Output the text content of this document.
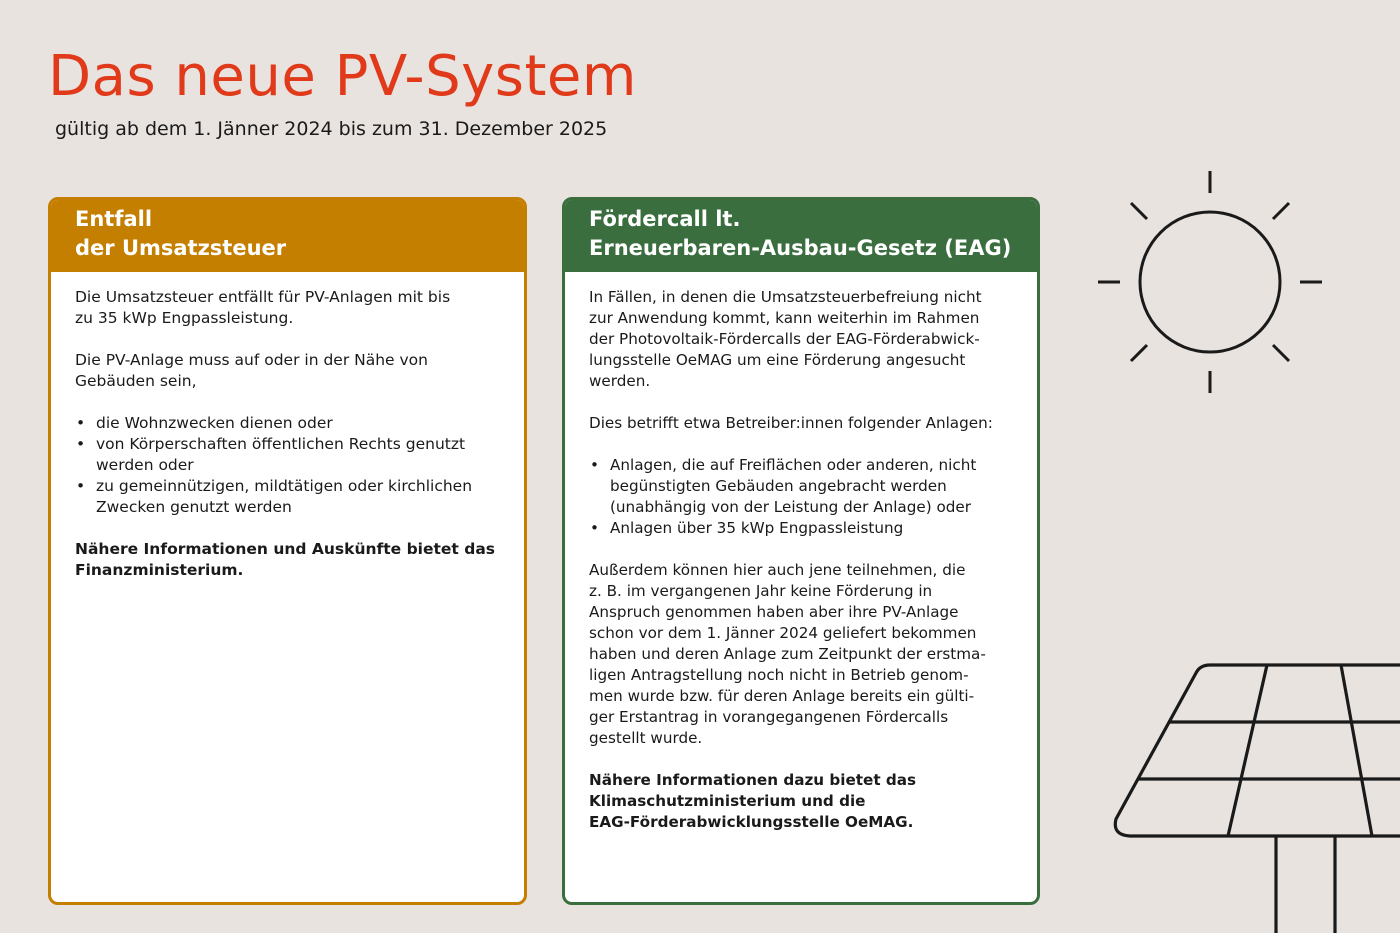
Das neue PV-System
gültig ab dem 1. Jänner 2024 bis zum 31. Dezember 2025
Entfall
der Umsatzsteuer

Die Umsatzsteuer entfällt für PV-Anlagen mit bis
zu 35 kWp Engpassleistung.

Die PV-Anlage muss auf oder in der Nähe von
Gebäuden sein,

• die Wohnzwecken dienen oder
• von Körperschaften öffentlichen Rechts genutzt
werden oder
• zu gemeinnützigen, mildtätigen oder kirchlichen
Zwecken genutzt werden

Nähere Informationen und Auskünfte bietet das
Finanzministerium.

Fördercall lt.
Erneuerbaren-Ausbau-Gesetz (EAG)

In Fällen, in denen die Umsatzsteuerbefreiung nicht
zur Anwendung kommt, kann weiterhin im Rahmen
der Photovoltaik-Fördercalls der EAG-Förderabwick-
lungsstelle OeMAG um eine Förderung angesucht
werden.

Dies betrifft etwa Betreiber:innen folgender Anlagen:

• Anlagen, die auf Freiflächen oder anderen, nicht
begünstigten Gebäuden angebracht werden
(unabhängig von der Leistung der Anlage) oder
• Anlagen über 35 kWp Engpassleistung

Außerdem können hier auch jene teilnehmen, die
z. B. im vergangenen Jahr keine Förderung in
Anspruch genommen haben aber ihre PV-Anlage
schon vor dem 1. Jänner 2024 geliefert bekommen
haben und deren Anlage zum Zeitpunkt der erstma-
ligen Antragstellung noch nicht in Betrieb genom-
men wurde bzw. für deren Anlage bereits ein gülti-
ger Erstantrag in vorangegangenen Fördercalls
gestellt wurde.

Nähere Informationen dazu bietet das
Klimaschutzministerium und die
EAG-Förderabwicklungsstelle OeMAG.
